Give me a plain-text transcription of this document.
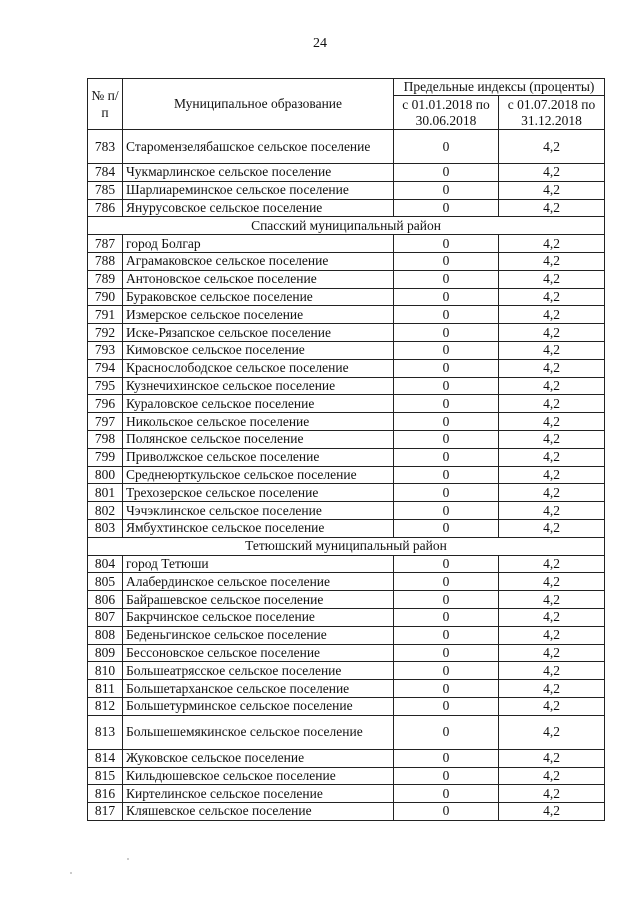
24
№ п/п	Муниципальное образование	Предельные индексы (проценты)	
		с 01.01.2018 по 30.06.2018	с 01.07.2018 по 31.12.2018
783	Старомензелябашское сельское поселение	0	4,2
784	Чукмарлинское сельское поселение	0	4,2
785	Шарлиареминское сельское поселение	0	4,2
786	Янурусовское сельское поселение	0	4,2
Спасский муниципальный район			
787	город Болгар	0	4,2
788	Аграмаковское сельское поселение	0	4,2
789	Антоновское сельское поселение	0	4,2
790	Бураковское сельское поселение	0	4,2
791	Измерское сельское поселение	0	4,2
792	Иске-Рязапское сельское поселение	0	4,2
793	Кимовское сельское поселение	0	4,2
794	Краснослободское сельское поселение	0	4,2
795	Кузнечихинское сельское поселение	0	4,2
796	Кураловское сельское поселение	0	4,2
797	Никольское сельское поселение	0	4,2
798	Полянское сельское поселение	0	4,2
799	Приволжское сельское поселение	0	4,2
800	Среднеюрткульское сельское поселение	0	4,2
801	Трехозерское сельское поселение	0	4,2
802	Чэчэклинское сельское поселение	0	4,2
803	Ямбухтинское сельское поселение	0	4,2
Тетюшский муниципальный район			
804	город Тетюши	0	4,2
805	Алабердинское сельское поселение	0	4,2
806	Байрашевское сельское поселение	0	4,2
807	Бакрчинское сельское поселение	0	4,2
808	Беденьгинское сельское поселение	0	4,2
809	Бессоновское сельское поселение	0	4,2
810	Большеатрясское сельское поселение	0	4,2
811	Большетарханское сельское поселение	0	4,2
812	Большетурминское сельское поселение	0	4,2
813	Большешемякинское сельское поселение	0	4,2
814	Жуковское сельское поселение	0	4,2
815	Кильдюшевское сельское поселение	0	4,2
816	Киртелинское сельское поселение	0	4,2
817	Кляшевское сельское поселение	0	4,2
